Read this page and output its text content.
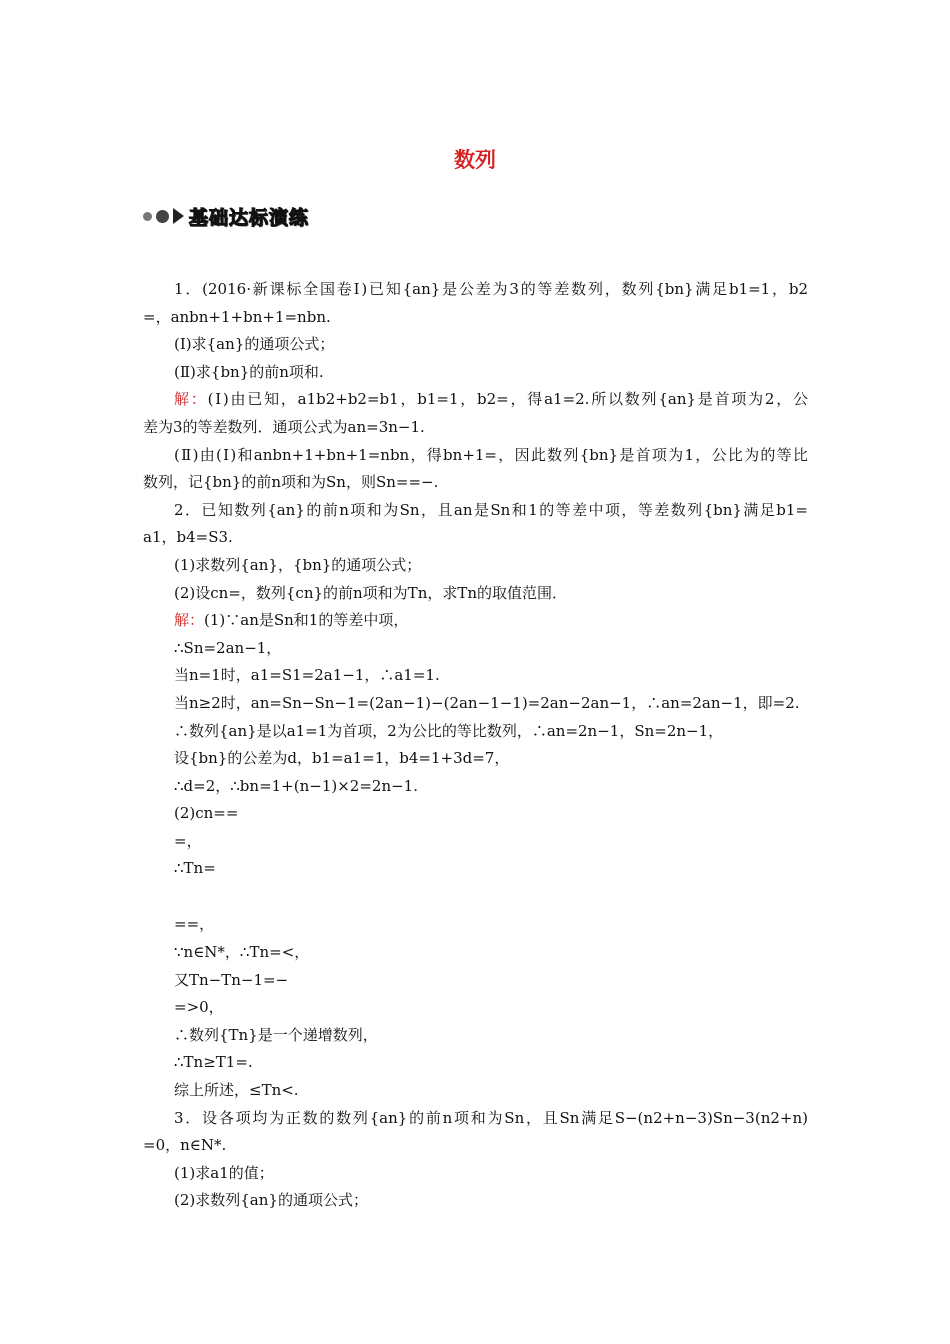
数列
基础达标演练
1．(2016·新课标全国卷Ⅰ)已知{an}是公差为3的等差数列，数列{bn}满足b1=1，b2
=，anbn+1+bn+1=nbn.
(Ⅰ)求{an}的通项公式；
(Ⅱ)求{bn}的前n项和.
解：(Ⅰ)由已知，a1b2+b2=b1，b1=1，b2=，得a1=2.所以数列{an}是首项为2，公
差为3的等差数列．通项公式为an=3n−1.
(Ⅱ)由(Ⅰ)和anbn+1+bn+1=nbn，得bn+1=，因此数列{bn}是首项为1，公比为的等比
数列，记{bn}的前n项和为Sn，则Sn==−.
2．已知数列{an}的前n项和为Sn，且an是Sn和1的等差中项，等差数列{bn}满足b1=
a1，b4=S3.
(1)求数列{an}，{bn}的通项公式；
(2)设cn=，数列{cn}的前n项和为Tn，求Tn的取值范围．
解：(1)∵an是Sn和1的等差中项，
∴Sn=2an−1，
当n=1时，a1=S1=2a1−1，∴a1=1.
当n≥2时，an=Sn−Sn−1=(2an−1)−(2an−1−1)=2an−2an−1，∴an=2an−1，即=2.
∴数列{an}是以a1=1为首项，2为公比的等比数列，∴an=2n−1，Sn=2n−1，
设{bn}的公差为d，b1=a1=1，b4=1+3d=7，
∴d=2，∴bn=1+(n−1)×2=2n−1.
(2)cn==
=，
∴Tn=
==，
∵n∈N*，∴Tn=<，
又Tn−Tn−1=−
=>0，
∴数列{Tn}是一个递增数列，
∴Tn≥T1=.
综上所述，≤Tn<.
3．设各项均为正数的数列{an}的前n项和为Sn，且Sn满足S−(n2+n−3)Sn−3(n2+n)
=0，n∈N*.
(1)求a1的值；
(2)求数列{an}的通项公式；
